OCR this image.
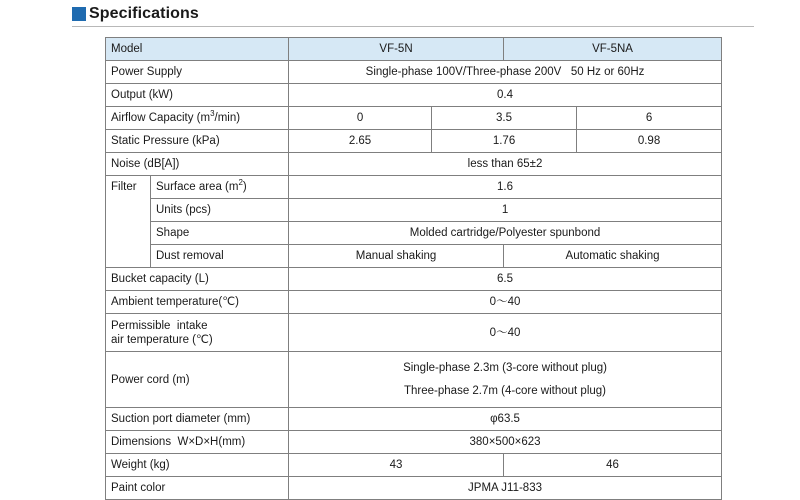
Specifications
Model		VF-5N		VF-5NA	
Power Supply		Single-phase 100V/Three-phase 200V   50 Hz or 60Hz			
Output (kW)		0.4			
Airflow Capacity $(m^3/\min)$		0	3.5		6
Static Pressure (kPa)		2.65	1.76		0.98
Noise (dB[A])		less than 65±2			

Filter	Surface area $(m^2)$	1.6			
	Units (pcs)	1			
	Shape	Molded cartridge/Polyester spunbond			
	Dust removal	Manual shaking		Automatic shaking	
Bucket capacity (L)		6.5			
Ambient temperature(℃)		0～40			
Permissible  intake
air temperature (℃)		0～40			
Power cord (m)		Single-phase 2.3m (3-core without plug)
Three-phase 2.7m (4-core without plug)			
Suction port diameter (mm)		φ63.5			
Dimensions  W×D×H(mm)		380×500×623			
Weight (kg)		43		46	
Paint color		JPMA J11-833			
